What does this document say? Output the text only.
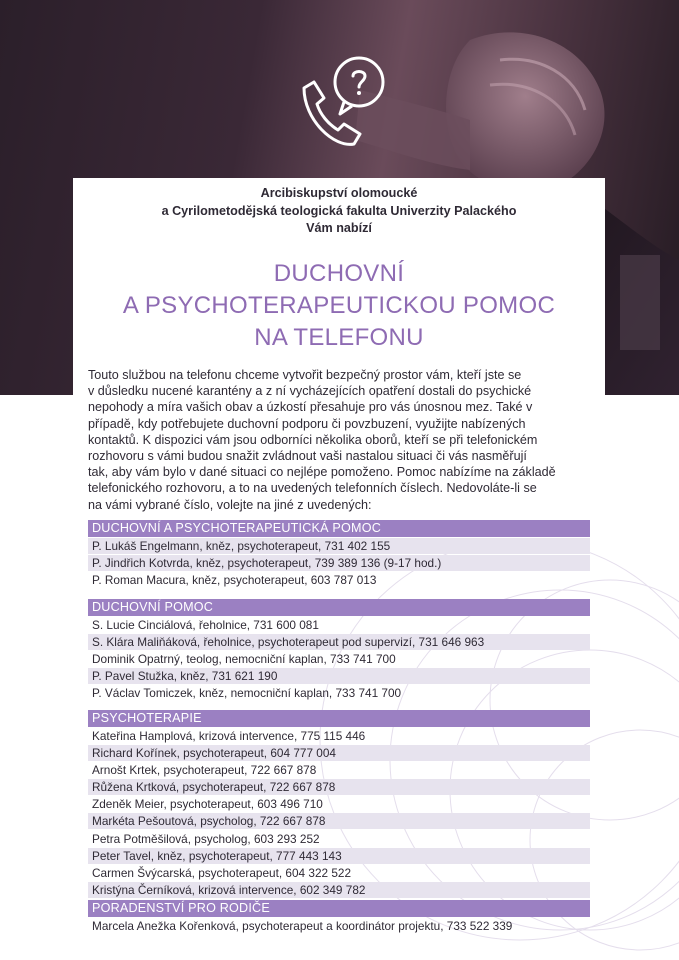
Arcibiskupství olomoucké
a Cyrilometodějská teologická fakulta Univerzity Palackého
Vám nabízí
DUCHOVNÍ
A PSYCHOTERAPEUTICKOU POMOC
NA TELEFONU

Touto službou na telefonu chceme vytvořit bezpečný prostor vám, kteří jste se
v důsledku nucené karantény a z ní vycházejících opatření dostali do psychické
nepohody a míra vašich obav a úzkostí přesahuje pro vás únosnou mez. Také v
případě, kdy potřebujete duchovní podporu či povzbuzení, využijte nabízených
kontaktů. K dispozici vám jsou odborníci několika oborů, kteří se při telefonickém
rozhovoru s vámi budou snažit zvládnout vaši nastalou situaci či vás nasměřují
tak, aby vám bylo v dané situaci co nejlépe pomoženo. Pomoc nabízíme na základě
telefonického rozhovoru, a to na uvedených telefonních číslech. Nedovoláte-li se
na vámi vybrané číslo, volejte na jiné z uvedených:

DUCHOVNÍ A PSYCHOTERAPEUTICKÁ POMOC
P. Lukáš Engelmann, kněz, psychoterapeut, 731 402 155
P. Jindřich Kotvrda, kněz, psychoterapeut, 739 389 136 (9-17 hod.)
P. Roman Macura, kněz, psychoterapeut, 603 787 013
DUCHOVNÍ POMOC
S. Lucie Cinciálová, řeholnice, 731 600 081
S. Klára Maliňáková, řeholnice, psychoterapeut pod supervizí, 731 646 963
Dominik Opatrný, teolog, nemocniční kaplan, 733 741 700
P. Pavel Stužka, kněz, 731 621 190
P. Václav Tomiczek, kněz, nemocniční kaplan, 733 741 700
PSYCHOTERAPIE
Kateřina Hamplová, krizová intervence, 775 115 446
Richard Kořínek, psychoterapeut, 604 777 004
Arnošt Krtek, psychoterapeut, 722 667 878
Růžena Krtková, psychoterapeut, 722 667 878
Zdeněk Meier, psychoterapeut, 603 496 710
Markéta Pešoutová, psycholog, 722 667 878
Petra Potměšilová, psycholog, 603 293 252
Peter Tavel, kněz, psychoterapeut, 777 443 143
Carmen Švýcarská, psychoterapeut, 604 322 522
Kristýna Černíková, krizová intervence, 602 349 782
PORADENSTVÍ PRO RODIČE
Marcela Anežka Kořenková, psychoterapeut a koordinátor projektu, 733 522 339
